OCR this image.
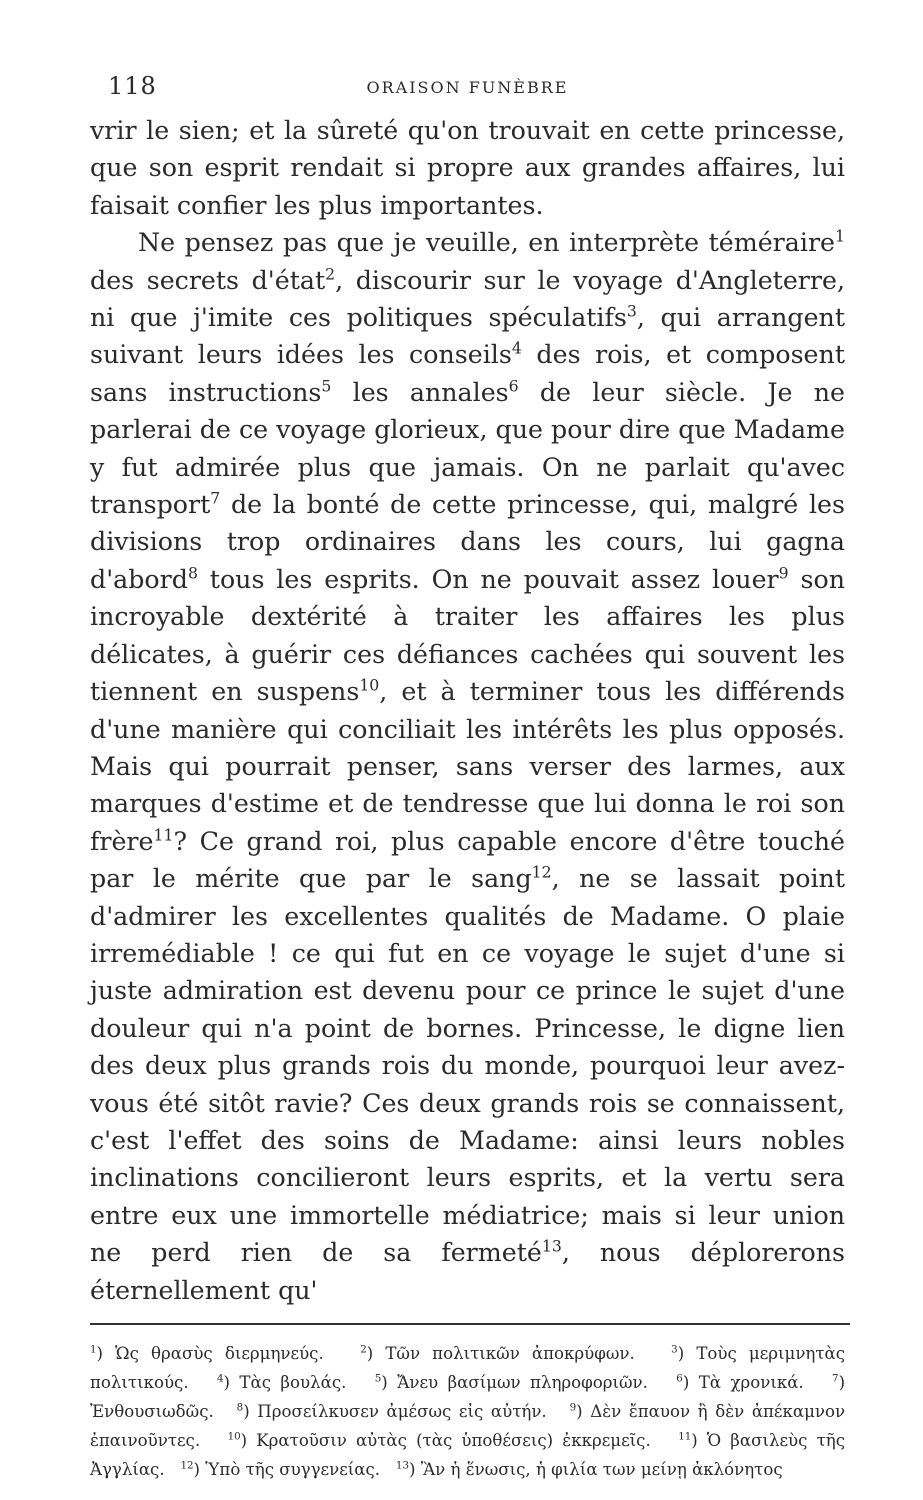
118	ORAISON FUNÈBRE

vrir le sien; et la sûreté qu'on trouvait en cette princesse, que son esprit rendait si propre aux grandes affaires, lui faisait confier les plus importantes.

Ne pensez pas que je veuille, en interprète téméraire$^1$ des secrets d'état$^2$, discourir sur le voyage d'Angleterre, ni que j'imite ces politiques spéculatifs$^3$, qui arrangent suivant leurs idées les conseils$^4$ des rois, et composent sans instructions$^5$ les annales$^6$ de leur siècle. Je ne parlerai de ce voyage glorieux, que pour dire que Madame y fut admirée plus que jamais. On ne parlait qu'avec transport$^7$ de la bonté de cette princesse, qui, malgré les divisions trop ordinaires dans les cours, lui gagna d'abord$^8$ tous les esprits. On ne pouvait assez louer$^9$ son incroyable dextérité à traiter les affaires les plus délicates, à guérir ces défiances cachées qui souvent les tiennent en suspens$^{10}$, et à terminer tous les différends d'une manière qui conciliait les intérêts les plus opposés. Mais qui pourrait penser, sans verser des larmes, aux marques d'estime et de tendresse que lui donna le roi son frère$^{11}$? Ce grand roi, plus capable encore d'être touché par le mérite que par le sang$^{12}$, ne se lassait point d'admirer les excellentes qualités de Madame. O plaie irremédiable ! ce qui fut en ce voyage le sujet d'une si juste admiration est devenu pour ce prince le sujet d'une douleur qui n'a point de bornes. Princesse, le digne lien des deux plus grands rois du monde, pourquoi leur avez-vous été sitôt ravie? Ces deux grands rois se connaissent, c'est l'effet des soins de Madame: ainsi leurs nobles inclinations concilieront leurs esprits, et la vertu sera entre eux une immortelle médiatrice; mais si leur union ne perd rien de sa fermeté$^{13}$, nous déplorerons éternellement qu'

$^1$) Ὡς θρασὺς διερμηνεύς.	$^2$) Τῶν πολιτικῶν ἀποκρύφων.	$^3$) Τοὺς μεριμνητὰς πολιτικούς.	$^4$) Τὰς βουλάς.	$^5$) Ἄνευ βασίμων πληροφοριῶν.	$^6$) Τὰ χρονικά.	$^7$) Ἐνθουσιωδῶς. $^8$) Προσείλκυσεν ἀμέσως εἰς αὐτήν. $^9$) Δὲν ἔπαυον ἢ δὲν ἀπέκαμνον ἐπαινοῦντες.	$^{10}$) Κρατοῦσιν αὐτὰς (τὰς ὑποθέσεις) ἐκκρεμεῖς.	$^{11}$) Ὁ βασιλεὺς τῆς Ἀγγλίας. $^{12}$) Ὑπὸ τῆς συγγενείας. $^{13}$) Ἂν ἡ ἕνωσις, ἡ φιλία των μείνῃ ἀκλόνητος
